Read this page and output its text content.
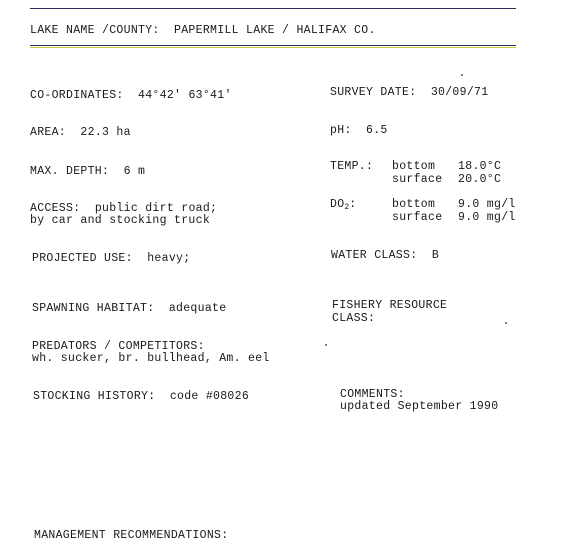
LAKE NAME /COUNTY: PAPERMILL LAKE / HALIFAX CO.
CO-ORDINATES: 44°42' 63°41'	SURVEY DATE: 30/09/71
AREA: 22.3 ha	pH: 6.5
MAX. DEPTH: 6 m	TEMP.: bottom 18.0°C
surface 20.0°C
ACCESS: public dirt road;
by car and stocking truck
$DO_2$:	bottom 9.0 mg/l
surface 9.0 mg/l
PROJECTED USE: heavy;	WATER CLASS: B
SPAWNING HABITAT: adequate	FISHERY RESOURCE
CLASS:
PREDATORS / COMPETITORS:
wh. sucker, br. bullhead, Am. eel
STOCKING HISTORY: code #08026	COMMENTS:
updated September 1990
MANAGEMENT RECOMMENDATIONS:
